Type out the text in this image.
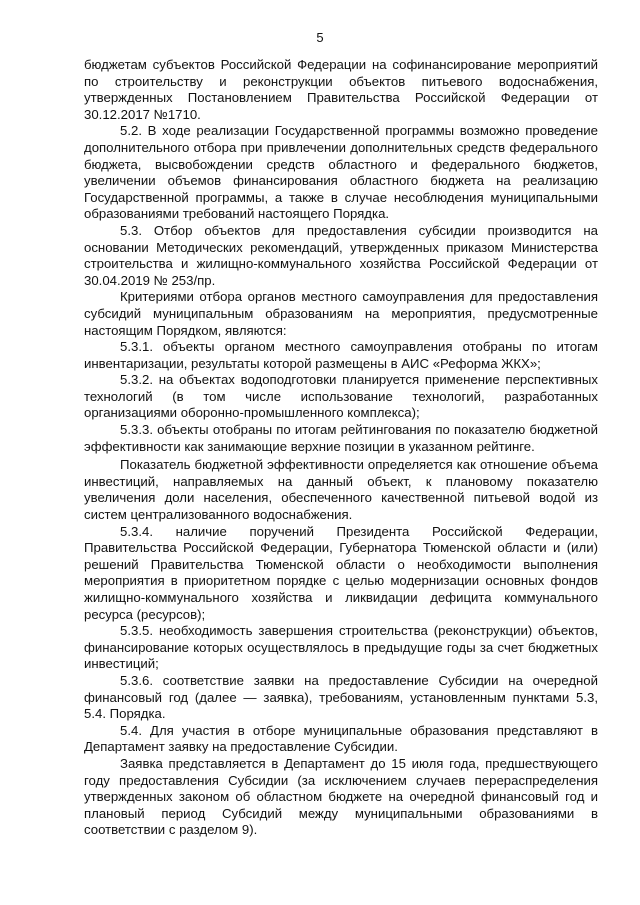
5

бюджетам субъектов Российской Федерации на софинансирование мероприятий по строительству и реконструкции объектов питьевого водоснабжения, утвержденных Постановлением Правительства Российской Федерации от 30.12.2017 №1710.

5.2. В ходе реализации Государственной программы возможно проведение дополнительного отбора при привлечении дополнительных средств федерального бюджета, высвобождении средств областного и федерального бюджетов, увеличении объемов финансирования областного бюджета на реализацию Государственной программы, а также в случае несоблюдения муниципальными образованиями требований настоящего Порядка.

5.3. Отбор объектов для предоставления субсидии производится на основании Методических рекомендаций, утвержденных приказом Министерства строительства и жилищно-коммунального хозяйства Российской Федерации от 30.04.2019 № 253/пр.

Критериями отбора органов местного самоуправления для предоставления субсидий муниципальным образованиям на мероприятия, предусмотренные настоящим Порядком, являются:

5.3.1. объекты органом местного самоуправления отобраны по итогам инвентаризации, результаты которой размещены в АИС «Реформа ЖКХ»;

5.3.2. на объектах водоподготовки планируется применение перспективных технологий (в том числе использование технологий, разработанных организациями оборонно-промышленного комплекса);

5.3.3. объекты отобраны по итогам рейтингования по показателю бюджетной эффективности как занимающие верхние позиции в указанном рейтинге.

Показатель бюджетной эффективности определяется как отношение объема инвестиций, направляемых на данный объект, к плановому показателю увеличения доли населения, обеспеченного качественной питьевой водой из систем централизованного водоснабжения.

5.3.4. наличие поручений Президента Российской Федерации, Правительства Российской Федерации, Губернатора Тюменской области и (или) решений Правительства Тюменской области о необходимости выполнения мероприятия в приоритетном порядке с целью модернизации основных фондов жилищно-коммунального хозяйства и ликвидации дефицита коммунального ресурса (ресурсов);

5.3.5. необходимость завершения строительства (реконструкции) объектов, финансирование которых осуществлялось в предыдущие годы за счет бюджетных инвестиций;

5.3.6. соответствие заявки на предоставление Субсидии на очередной финансовый год (далее — заявка), требованиям, установленным пунктами 5.3, 5.4. Порядка.

5.4. Для участия в отборе муниципальные образования представляют в Департамент заявку на предоставление Субсидии.

Заявка представляется в Департамент до 15 июля года, предшествующего году предоставления Субсидии (за исключением случаев перераспределения утвержденных законом об областном бюджете на очередной финансовый год и плановый период Субсидий между муниципальными образованиями в соответствии с разделом 9).
